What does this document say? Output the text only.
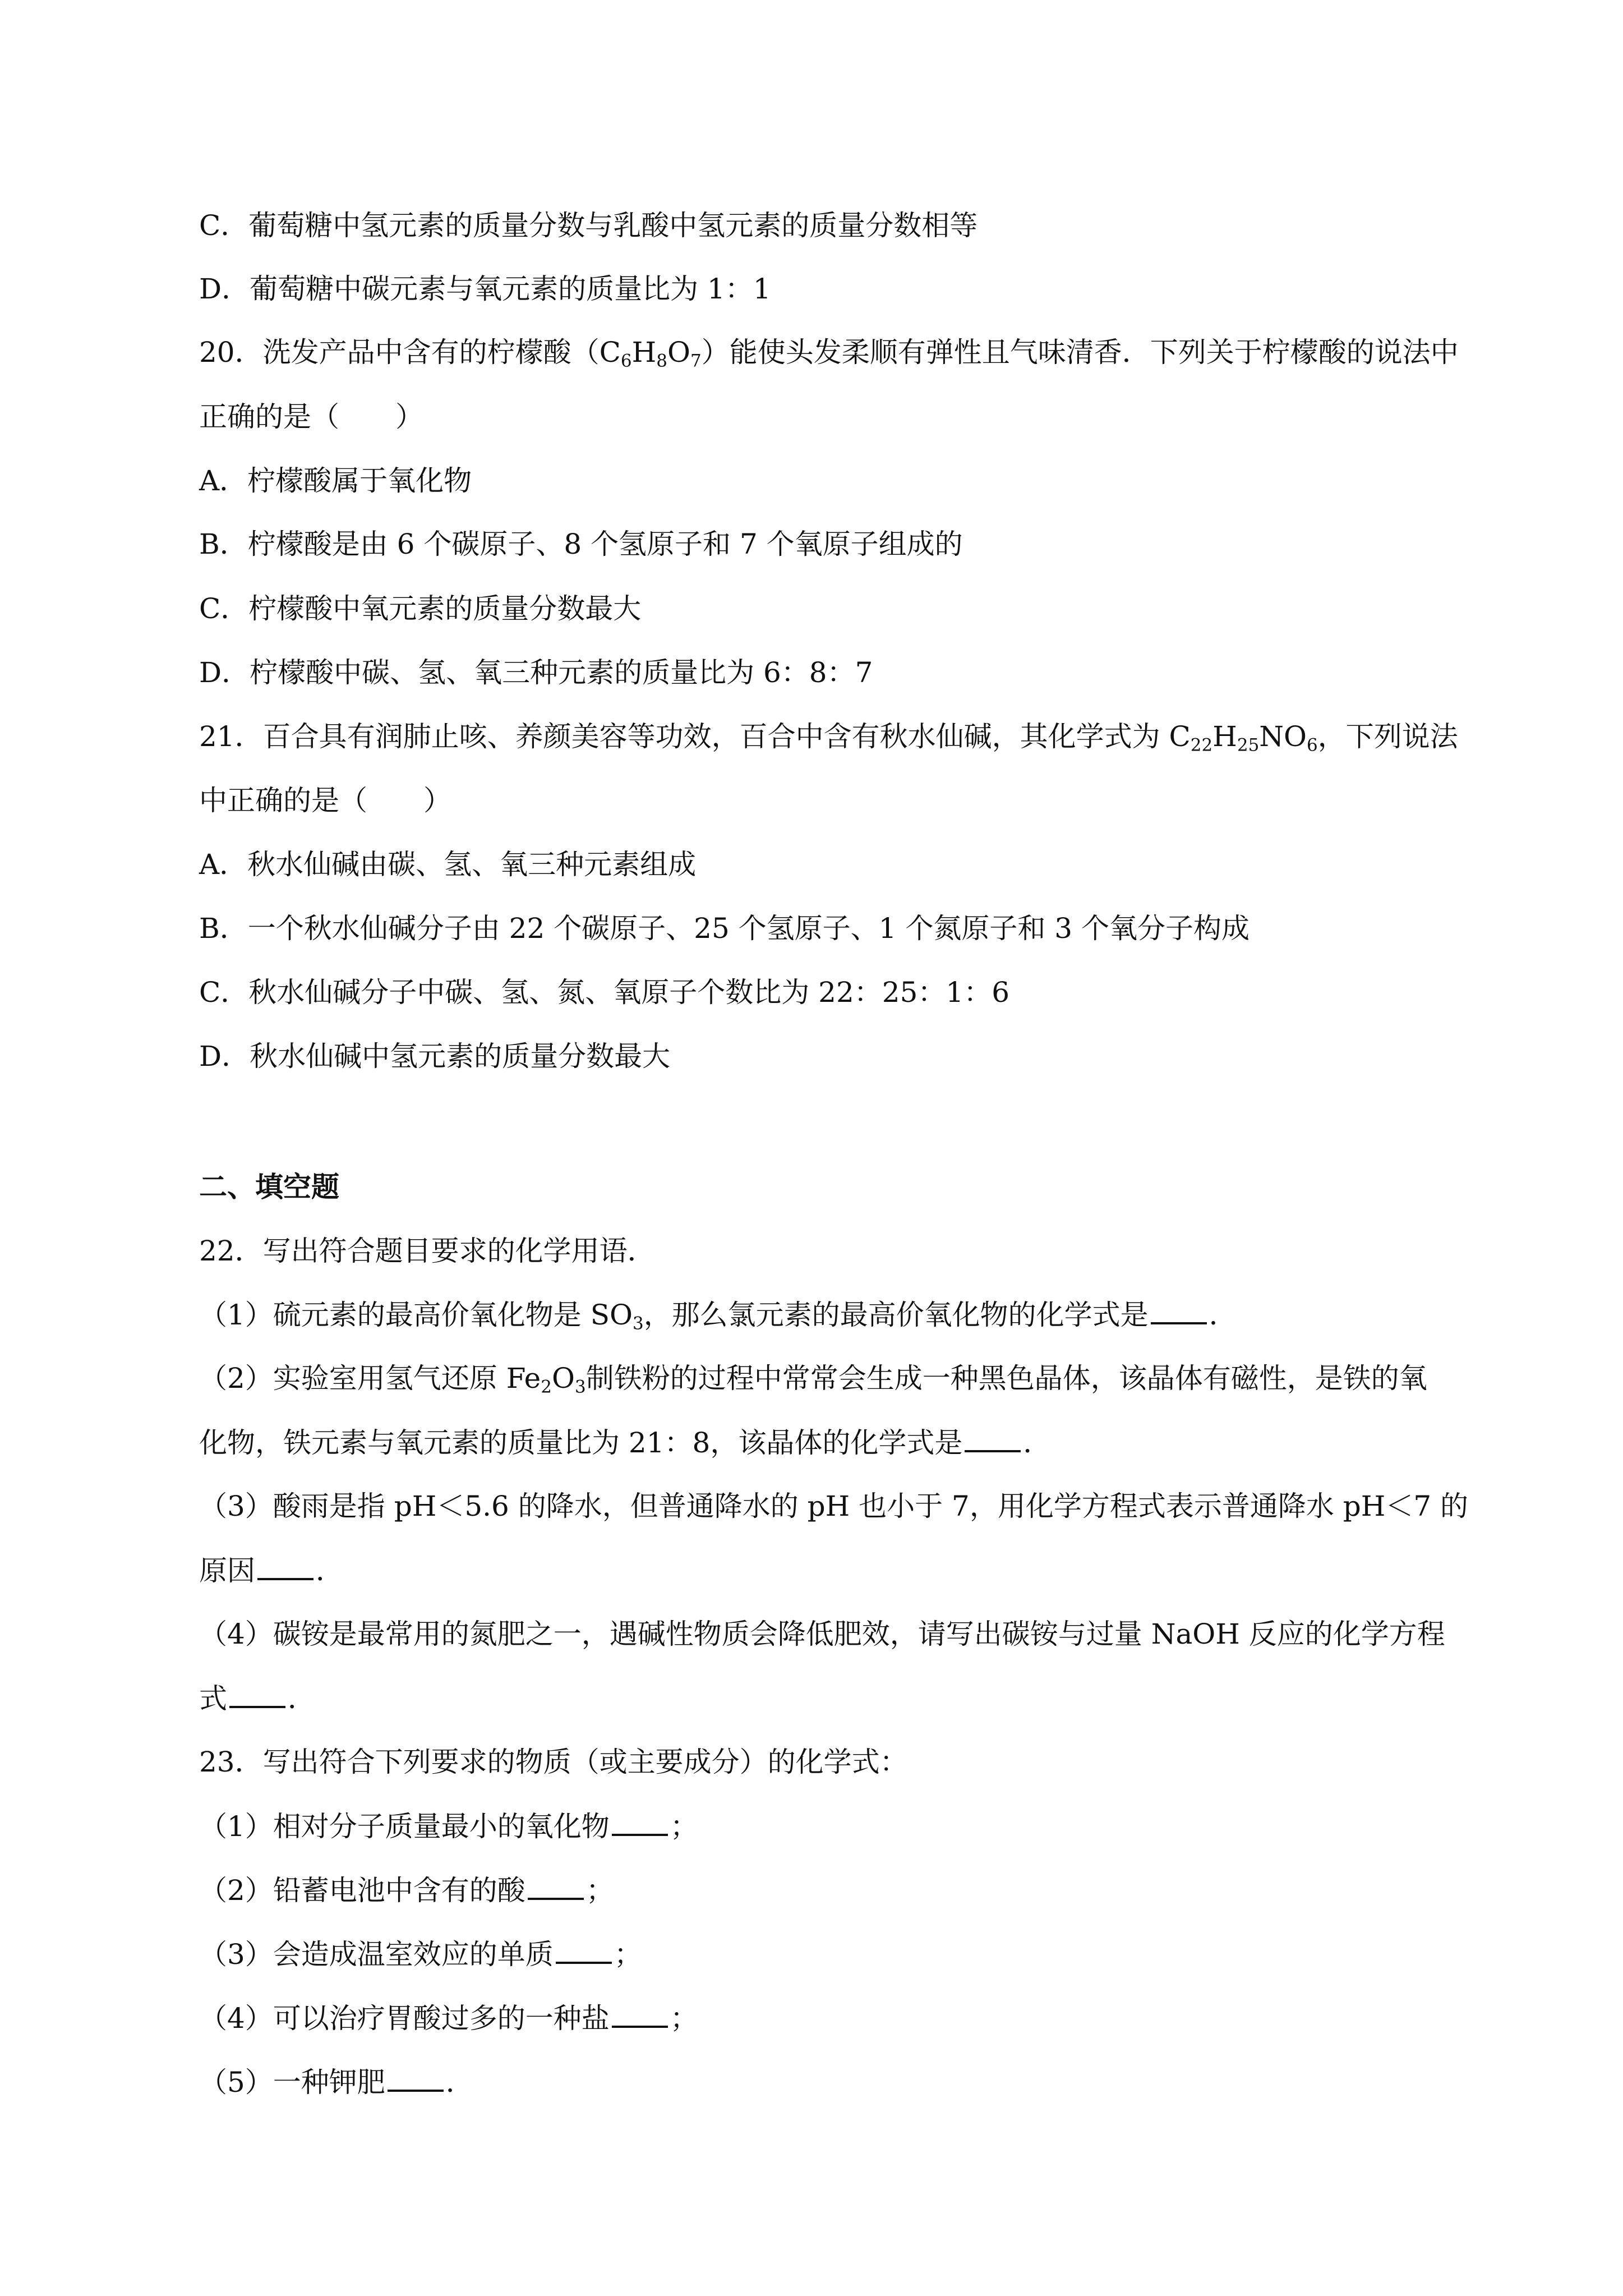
C．葡萄糖中氢元素的质量分数与乳酸中氢元素的质量分数相等
D．葡萄糖中碳元素与氧元素的质量比为 1：1
20．洗发产品中含有的柠檬酸$(C_6H_8O_7)$能使头发柔顺有弹性且气味清香．下列关于柠檬酸的说法中
正确的是（　　）
A．柠檬酸属于氧化物
B．柠檬酸是由 6 个碳原子、8 个氢原子和 7 个氧原子组成的
C．柠檬酸中氧元素的质量分数最大
D．柠檬酸中碳、氢、氧三种元素的质量比为 6：8：7
21．百合具有润肺止咳、养颜美容等功效，百合中含有秋水仙碱，其化学式为 $C_{22}H_{25}NO_6$，下列说法
中正确的是（　　）
A．秋水仙碱由碳、氢、氧三种元素组成
B．一个秋水仙碱分子由 22 个碳原子、25 个氢原子、1 个氮原子和 3 个氧分子构成
C．秋水仙碱分子中碳、氢、氮、氧原子个数比为 22：25：1：6
D．秋水仙碱中氢元素的质量分数最大
二、填空题
22．写出符合题目要求的化学用语．
（1）硫元素的最高价氧化物是 $SO_3$，那么氯元素的最高价氧化物的化学式是 ．
（2）实验室用氢气还原 $Fe_2O_3$制铁粉的过程中常常会生成一种黑色晶体，该晶体有磁性，是铁的氧
化物，铁元素与氧元素的质量比为 21：8，该晶体的化学式是 ．
（3）酸雨是指 pH＜5.6 的降水，但普通降水的 pH 也小于 7，用化学方程式表示普通降水 pH＜7 的
原因 ．
（4）碳铵是最常用的氮肥之一，遇碱性物质会降低肥效，请写出碳铵与过量 NaOH 反应的化学方程
式 ．
23．写出符合下列要求的物质（或主要成分）的化学式：
（1）相对分子质量最小的氧化物 ；
（2）铅蓄电池中含有的酸 ；
（3）会造成温室效应的单质 ；
（4）可以治疗胃酸过多的一种盐 ；
（5）一种钾肥 ．
